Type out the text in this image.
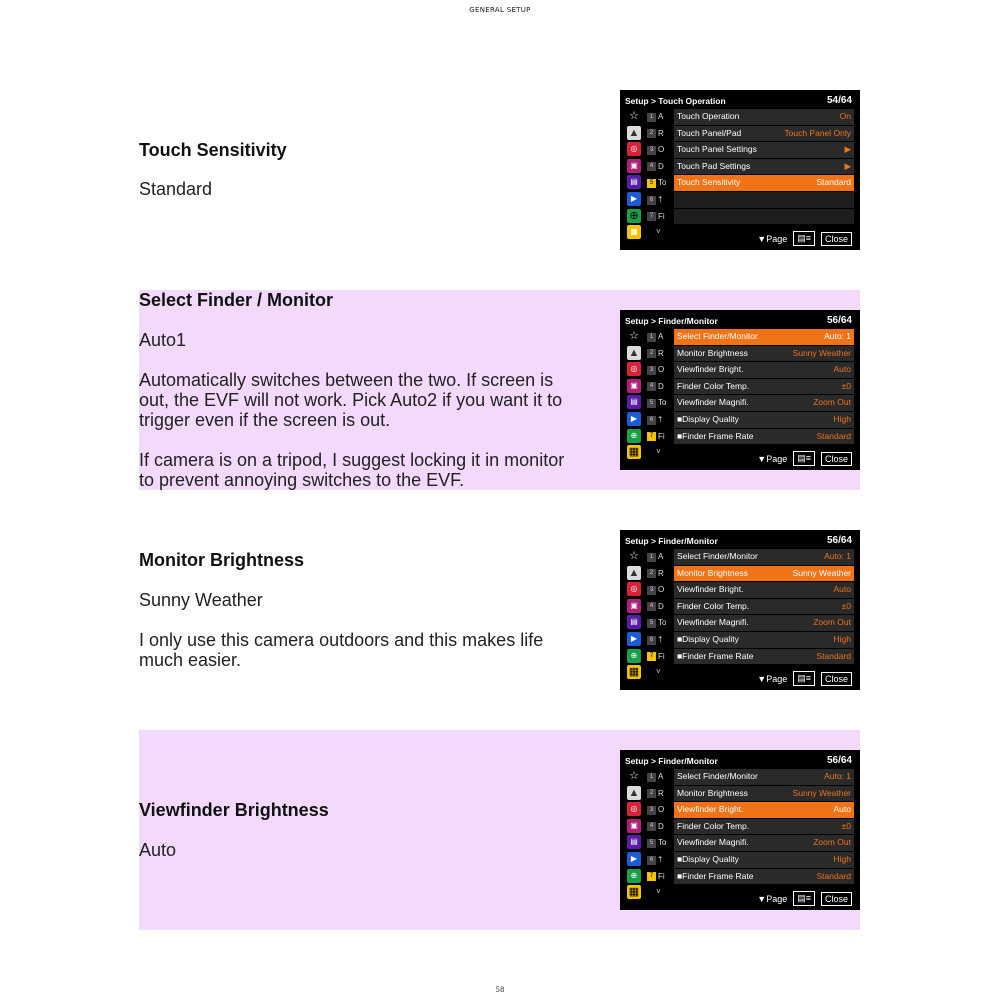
GENERAL SETUP
Touch Sensitivity
Standard
Setup > Touch Operation	54/64
☆
▲
◎
▣
▤
▶
⊕
▦
1 A
2 R
3 O
4 D
5 To
6 †
7 Fi
Touch Operation	On
Touch Panel/Pad	Touch Panel Only
Touch Panel Settings	▶
Touch Pad Settings	▶
Touch Sensitivity	Standard
˅
▼Page ▤≡ Close
Select Finder / Monitor
Auto1
Automatically switches between the two. If screen is
out, the EVF will not work. Pick Auto2 if you want it to
trigger even if the screen is out.
If camera is on a tripod, I suggest locking it in monitor
to prevent annoying switches to the EVF.
Setup > Finder/Monitor	56/64
☆
▲
◎
▣
▤
▶
⊕
▦
1 A
2 R
3 O
4 D
5 To
6 †
7 Fi
Select Finder/Monitor	Auto: 1
Monitor Brightness	Sunny Weather
Viewfinder Bright.	Auto
Finder Color Temp.	±0
Viewfinder Magnifi.	Zoom Out
■Display Quality	High
■Finder Frame Rate	Standard
˅
▼Page ▤≡ Close
Monitor Brightness
Sunny Weather
I only use this camera outdoors and this makes life
much easier.
Setup > Finder/Monitor	56/64
☆
▲
◎
▣
▤
▶
⊕
▦
1 A
2 R
3 O
4 D
5 To
6 †
7 Fi
Select Finder/Monitor	Auto: 1
Monitor Brightness	Sunny Weather
Viewfinder Bright.	Auto
Finder Color Temp.	±0
Viewfinder Magnifi.	Zoom Out
■Display Quality	High
■Finder Frame Rate	Standard
˅
▼Page ▤≡ Close
Viewfinder Brightness
Auto
Setup > Finder/Monitor	56/64
☆
▲
◎
▣
▤
▶
⊕
▦
1 A
2 R
3 O
4 D
5 To
6 †
7 Fi
Select Finder/Monitor	Auto: 1
Monitor Brightness	Sunny Weather
Viewfinder Bright.	Auto
Finder Color Temp.	±0
Viewfinder Magnifi.	Zoom Out
■Display Quality	High
■Finder Frame Rate	Standard
˅
▼Page ▤≡ Close
58
